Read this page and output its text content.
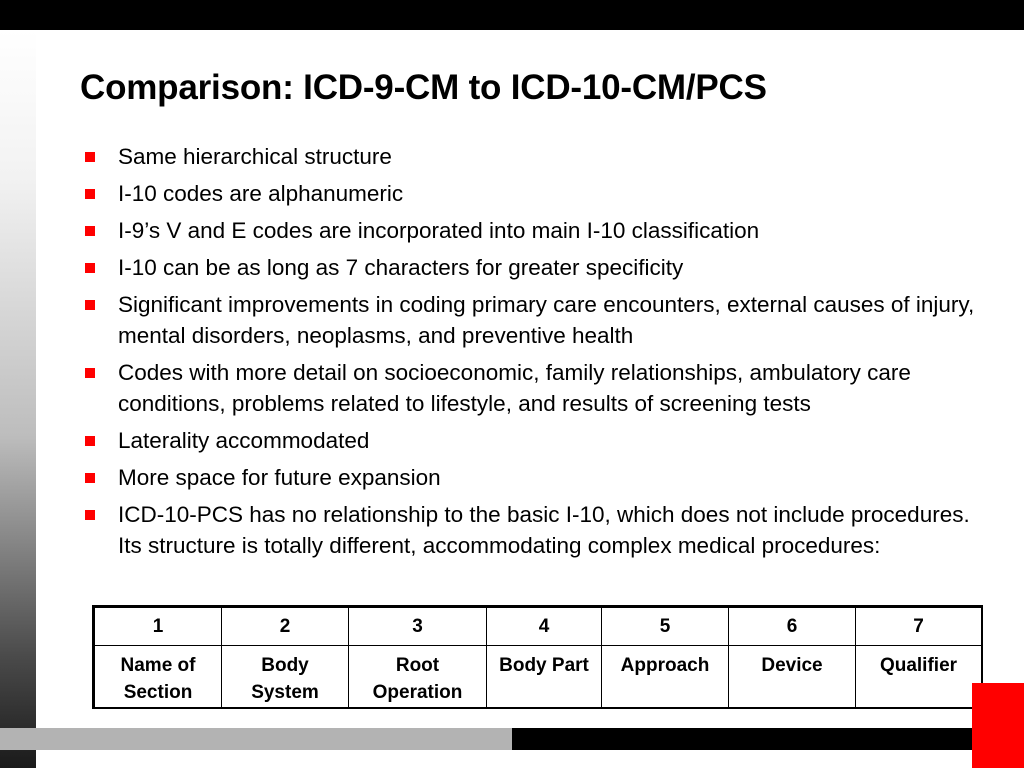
Comparison: ICD-9-CM to ICD-10-CM/PCS
Same hierarchical structure
I-10 codes are alphanumeric
I-9’s V and E codes are incorporated into main I-10 classification
I-10 can be as long as 7 characters for greater specificity
Significant improvements in coding primary care encounters, external causes of injury, mental disorders, neoplasms, and preventive health
Codes with more detail on socioeconomic, family relationships, ambulatory care conditions, problems related to lifestyle, and results of screening tests
Laterality accommodated
More space for future expansion
ICD-10-PCS has no relationship to the basic I-10, which does not include procedures. Its structure is totally different, accommodating complex medical procedures:
1	2	3	4	5	6	7
Name of Section	Body System	Root Operation	Body Part	Approach	Device	Qualifier
